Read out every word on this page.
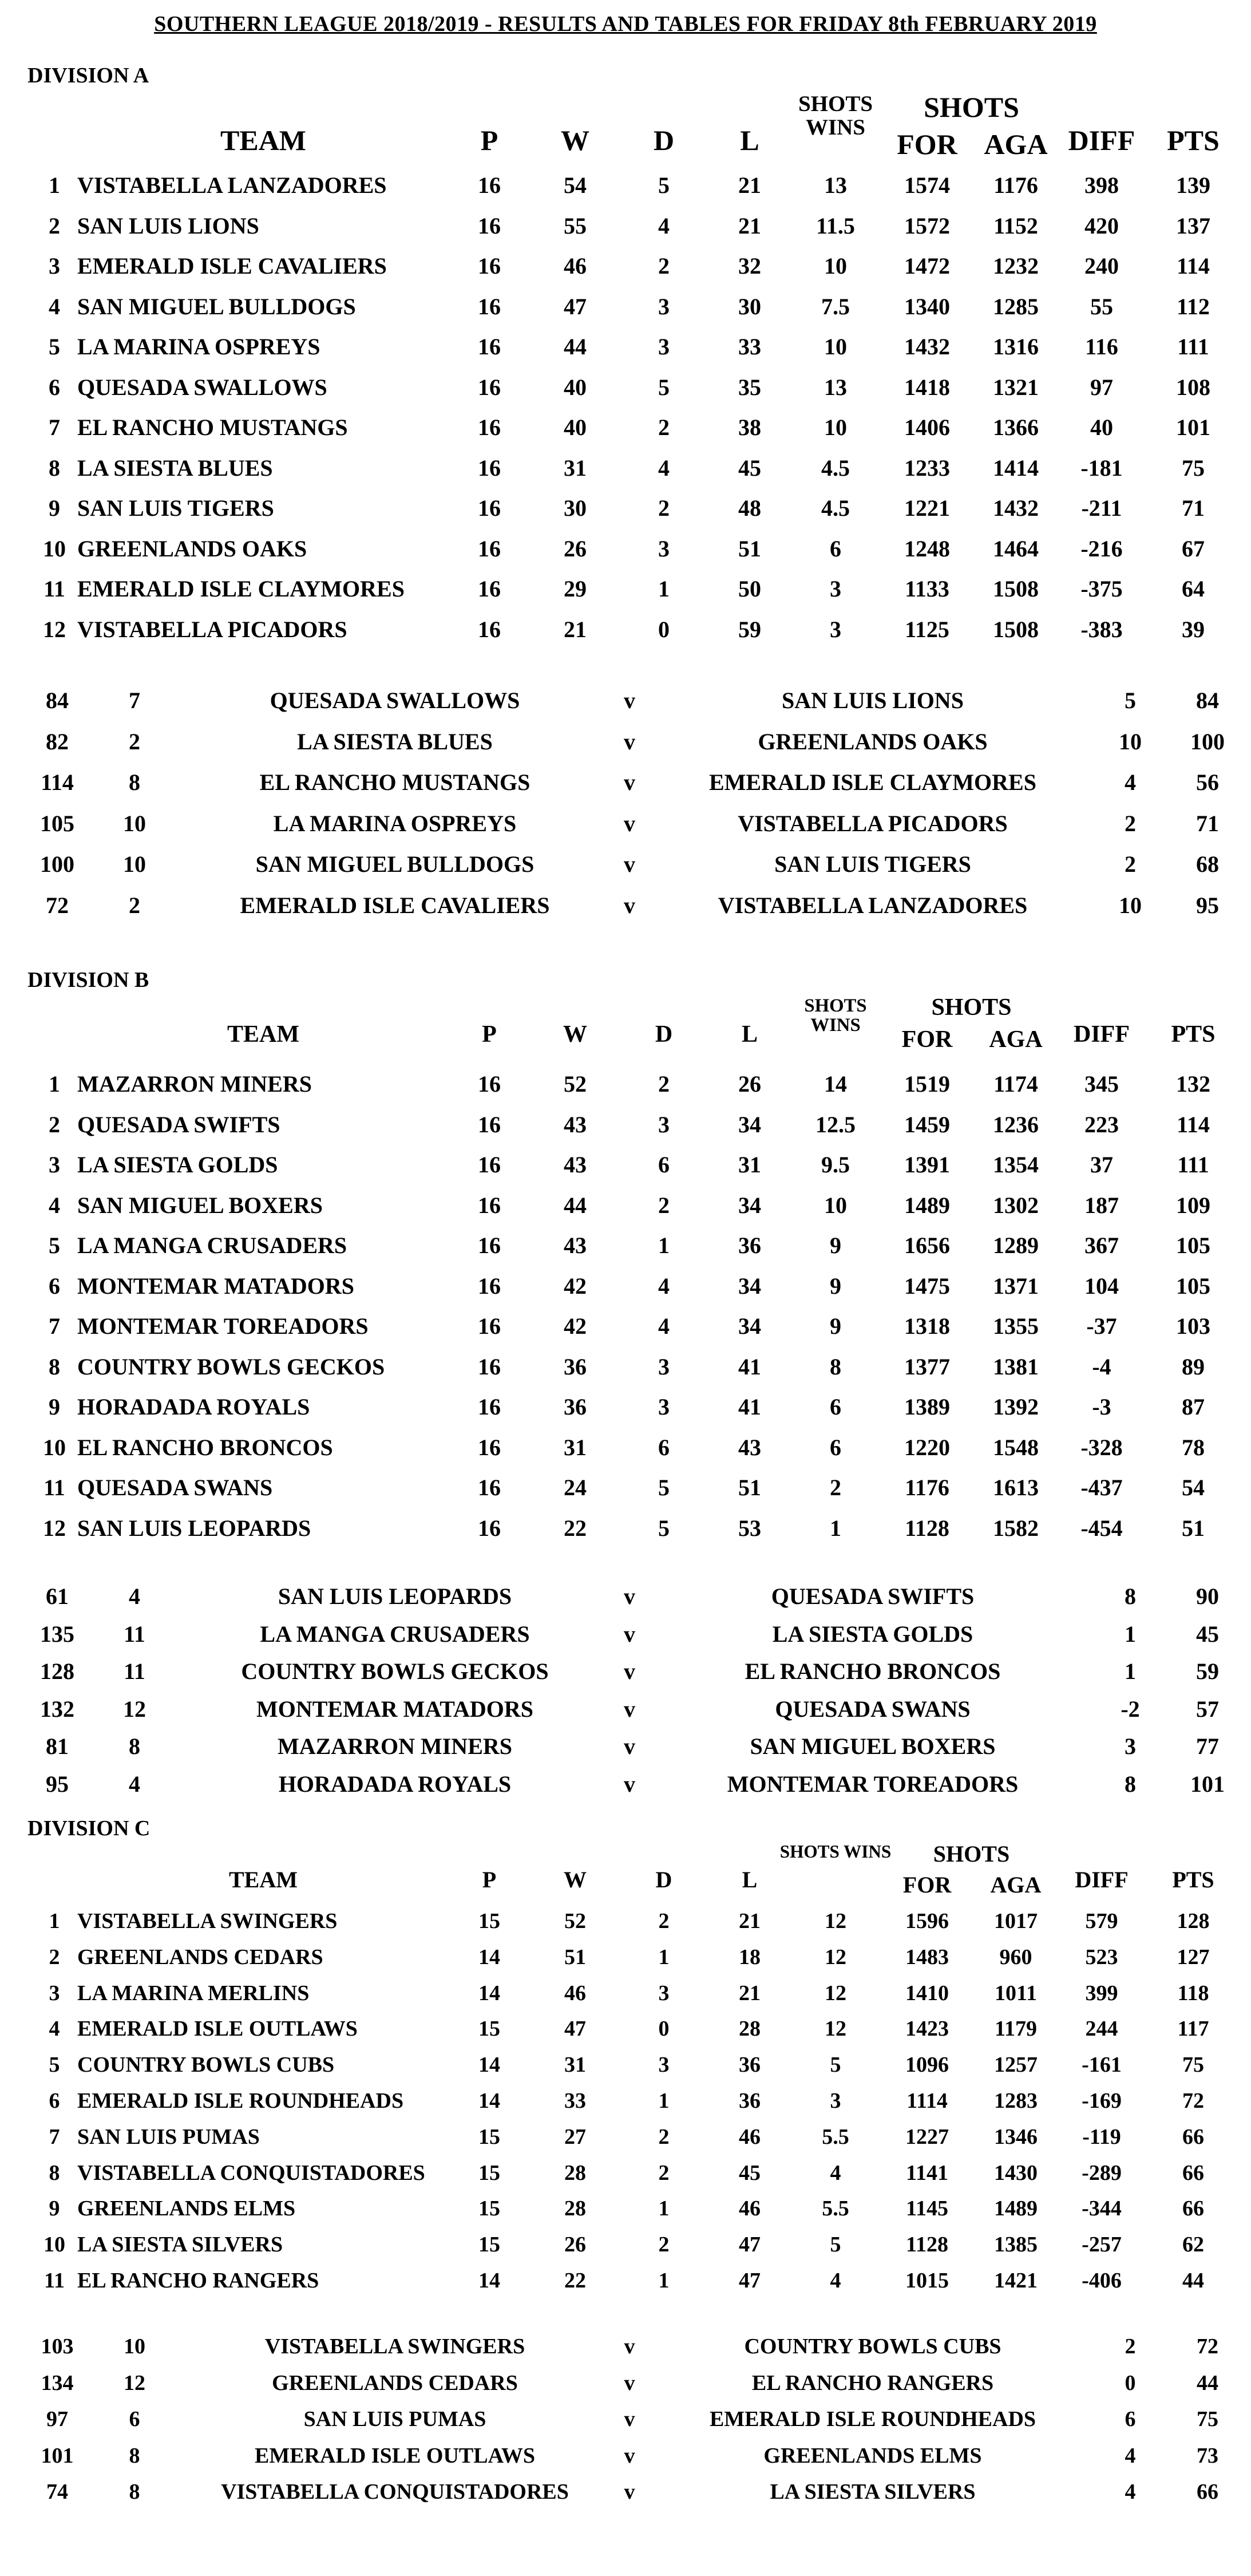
SOUTHERN LEAGUE 2018/2019 - RESULTS AND TABLES FOR FRIDAY 8th FEBRUARY 2019
DIVISION A
TEAM	P	W	D	L
SHOTS WINS
SHOTS
FOR AGA DIFF PTS
1 VISTABELLA LANZADORES	16	54	5	21	13	1574	1176	398	139
2 SAN LUIS LIONS	16	55	4	21	11.5	1572	1152	420	137
3 EMERALD ISLE CAVALIERS	16	46	2	32	10	1472	1232	240	114
4 SAN MIGUEL BULLDOGS	16	47	3	30	7.5	1340	1285	55	112
5 LA MARINA OSPREYS	16	44	3	33	10	1432	1316	116	111
6 QUESADA SWALLOWS	16	40	5	35	13	1418	1321	97	108
7 EL RANCHO MUSTANGS	16	40	2	38	10	1406	1366	40	101
8 LA SIESTA BLUES	16	31	4	45	4.5	1233	1414	-181	75
9 SAN LUIS TIGERS	16	30	2	48	4.5	1221	1432	-211	71
10 GREENLANDS OAKS	16	26	3	51	6	1248	1464	-216	67
11 EMERALD ISLE CLAYMORES	16	29	1	50	3	1133	1508	-375	64
12 VISTABELLA PICADORS	16	21	0	59	3	1125	1508	-383	39
84	7	QUESADA SWALLOWS	v	SAN LUIS LIONS	5	84
82	2	LA SIESTA BLUES	v	GREENLANDS OAKS	10	100
114	8	EL RANCHO MUSTANGS	v	EMERALD ISLE CLAYMORES	4	56
105	10	LA MARINA OSPREYS	v	VISTABELLA PICADORS	2	71
100	10	SAN MIGUEL BULLDOGS	v	SAN LUIS TIGERS	2	68
72	2	EMERALD ISLE CAVALIERS	v	VISTABELLA LANZADORES	10	95
DIVISION B
TEAM	P	W	D	L
SHOTS WINS
SHOTS
FOR	AGA	DIFF	PTS
1 MAZARRON MINERS	16	52	2	26	14	1519	1174	345	132
2 QUESADA SWIFTS	16	43	3	34	12.5	1459	1236	223	114
3 LA SIESTA GOLDS	16	43	6	31	9.5	1391	1354	37	111
4 SAN MIGUEL BOXERS	16	44	2	34	10	1489	1302	187	109
5 LA MANGA CRUSADERS	16	43	1	36	9	1656	1289	367	105
6 MONTEMAR MATADORS	16	42	4	34	9	1475	1371	104	105
7 MONTEMAR TOREADORS	16	42	4	34	9	1318	1355	-37	103
8 COUNTRY BOWLS GECKOS	16	36	3	41	8	1377	1381	-4	89
9 HORADADA ROYALS	16	36	3	41	6	1389	1392	-3	87
10 EL RANCHO BRONCOS	16	31	6	43	6	1220	1548	-328	78
11 QUESADA SWANS	16	24	5	51	2	1176	1613	-437	54
12 SAN LUIS LEOPARDS	16	22	5	53	1	1128	1582	-454	51
61	4	SAN LUIS LEOPARDS	v	QUESADA SWIFTS	8	90
135	11	LA MANGA CRUSADERS	v	LA SIESTA GOLDS	1	45
128	11	COUNTRY BOWLS GECKOS	v	EL RANCHO BRONCOS	1	59
132	12	MONTEMAR MATADORS	v	QUESADA SWANS	-2	57
81	8	MAZARRON MINERS	v	SAN MIGUEL BOXERS	3	77
95	4	HORADADA ROYALS	v	MONTEMAR TOREADORS	8	101
DIVISION C
TEAM	P	W	D	L
SHOTS WINS	SHOTS
FOR	AGA	DIFF	PTS
1 VISTABELLA SWINGERS	15	52	2	21	12	1596	1017	579	128
2 GREENLANDS CEDARS	14	51	1	18	12	1483	960	523	127
3 LA MARINA MERLINS	14	46	3	21	12	1410	1011	399	118
4 EMERALD ISLE OUTLAWS	15	47	0	28	12	1423	1179	244	117
5 COUNTRY BOWLS CUBS	14	31	3	36	5	1096	1257	-161	75
6 EMERALD ISLE ROUNDHEADS	14	33	1	36	3	1114	1283	-169	72
7 SAN LUIS PUMAS	15	27	2	46	5.5	1227	1346	-119	66
8 VISTABELLA CONQUISTADORES	15	28	2	45	4	1141	1430	-289	66
9 GREENLANDS ELMS	15	28	1	46	5.5	1145	1489	-344	66
10 LA SIESTA SILVERS	15	26	2	47	5	1128	1385	-257	62
11 EL RANCHO RANGERS	14	22	1	47	4	1015	1421	-406	44
103	10	VISTABELLA SWINGERS	v	COUNTRY BOWLS CUBS	2	72
134	12	GREENLANDS CEDARS	v	EL RANCHO RANGERS	0	44
97	6	SAN LUIS PUMAS	v	EMERALD ISLE ROUNDHEADS	6	75
101	8	EMERALD ISLE OUTLAWS	v	GREENLANDS ELMS	4	73
74	8	VISTABELLA CONQUISTADORES	v	LA SIESTA SILVERS	4	66
